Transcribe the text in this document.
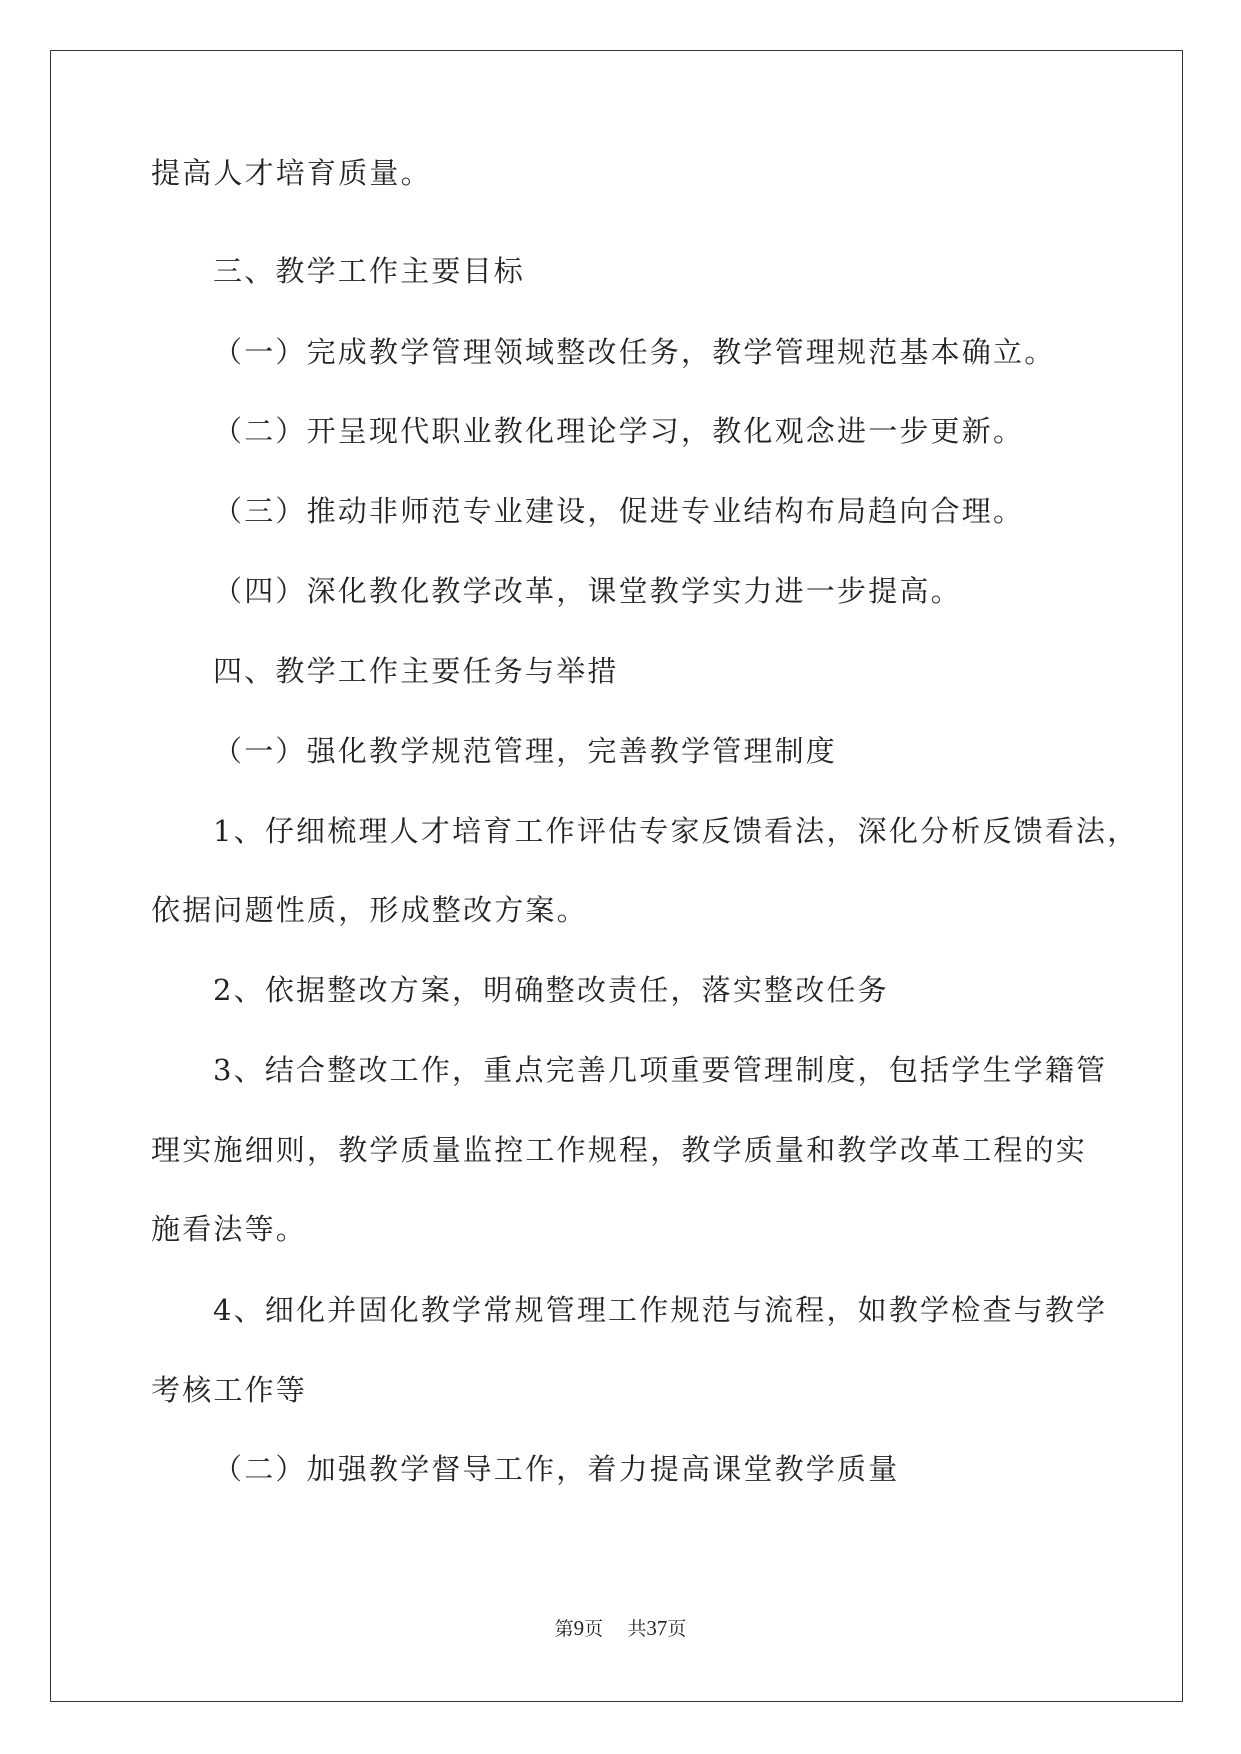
提高人才培育质量。
三、教学工作主要目标
（一）完成教学管理领域整改任务，教学管理规范基本确立。
（二）开呈现代职业教化理论学习，教化观念进一步更新。
（三）推动非师范专业建设，促进专业结构布局趋向合理。
（四）深化教化教学改革，课堂教学实力进一步提高。
四、教学工作主要任务与举措
（一）强化教学规范管理，完善教学管理制度
1、仔细梳理人才培育工作评估专家反馈看法，深化分析反馈看法，
依据问题性质，形成整改方案。
2、依据整改方案，明确整改责任，落实整改任务
3、结合整改工作，重点完善几项重要管理制度，包括学生学籍管
理实施细则，教学质量监控工作规程，教学质量和教学改革工程的实
施看法等。
4、细化并固化教学常规管理工作规范与流程，如教学检查与教学
考核工作等
（二）加强教学督导工作，着力提高课堂教学质量
第9页 共37页
